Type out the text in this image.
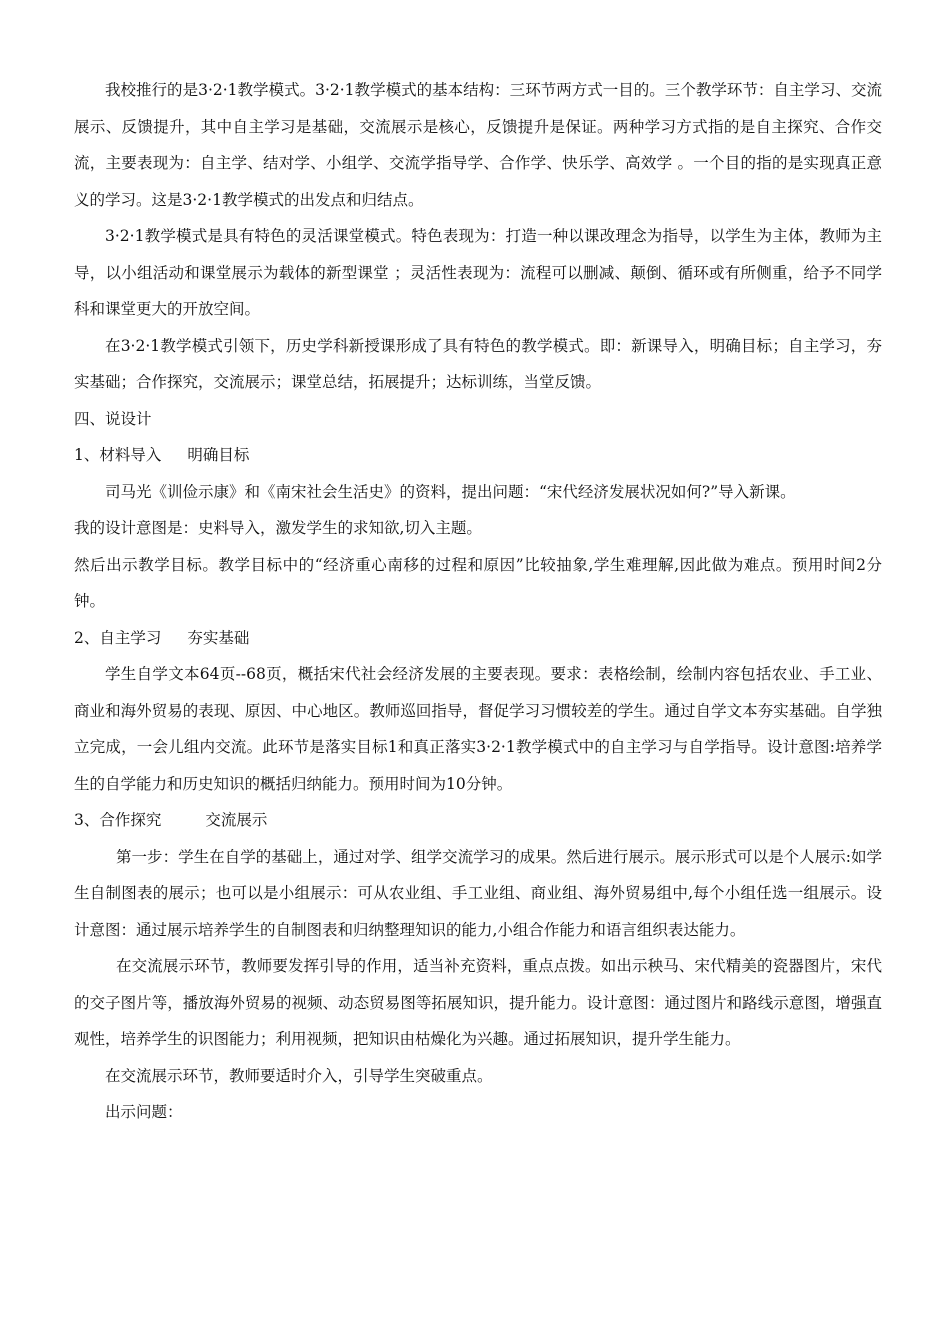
我校推行的是3·2·1教学模式。3·2·1教学模式的基本结构：三环节两方式一目的。三个教学环节：自主学习、交流展示、反馈提升，其中自主学习是基础，交流展示是核心，反馈提升是保证。两种学习方式指的是自主探究、合作交流，主要表现为：自主学、结对学、小组学、交流学指导学、合作学、快乐学、高效学 。一个目的指的是实现真正意义的学习。这是3·2·1教学模式的出发点和归结点。

3·2·1教学模式是具有特色的灵活课堂模式。特色表现为：打造一种以课改理念为指导，以学生为主体，教师为主导，以小组活动和课堂展示为载体的新型课堂 ；灵活性表现为：流程可以删减、颠倒、循环或有所侧重，给予不同学科和课堂更大的开放空间。

在3·2·1教学模式引领下，历史学科新授课形成了具有特色的教学模式。即：新课导入，明确目标；自主学习，夯实基础；合作探究，交流展示；课堂总结，拓展提升；达标训练，当堂反馈。

四、说设计

1、材料导入 明确目标

司马光《训俭示康》和《南宋社会生活史》的资料，提出问题：“宋代经济发展状况如何?”导入新课。

我的设计意图是：史料导入，激发学生的求知欲,切入主题。

然后出示教学目标。教学目标中的“经济重心南移的过程和原因”比较抽象,学生难理解,因此做为难点。预用时间2分钟。

2、自主学习 夯实基础

学生自学文本64页--68页，概括宋代社会经济发展的主要表现。要求：表格绘制，绘制内容包括农业、手工业、商业和海外贸易的表现、原因、中心地区。教师巡回指导，督促学习习惯较差的学生。通过自学文本夯实基础。自学独立完成，一会儿组内交流。此环节是落实目标1和真正落实3·2·1教学模式中的自主学习与自学指导。设计意图:培养学生的自学能力和历史知识的概括归纳能力。预用时间为10分钟。

3、合作探究	交流展示

第一步：学生在自学的基础上，通过对学、组学交流学习的成果。然后进行展示。展示形式可以是个人展示:如学生自制图表的展示；也可以是小组展示：可从农业组、手工业组、商业组、海外贸易组中,每个小组任选一组展示。设计意图：通过展示培养学生的自制图表和归纳整理知识的能力,小组合作能力和语言组织表达能力。

在交流展示环节，教师要发挥引导的作用，适当补充资料，重点点拨。如出示秧马、宋代精美的瓷器图片，宋代的交子图片等，播放海外贸易的视频、动态贸易图等拓展知识，提升能力。设计意图：通过图片和路线示意图，增强直观性，培养学生的识图能力；利用视频，把知识由枯燥化为兴趣。通过拓展知识，提升学生能力。

在交流展示环节，教师要适时介入，引导学生突破重点。

出示问题：
